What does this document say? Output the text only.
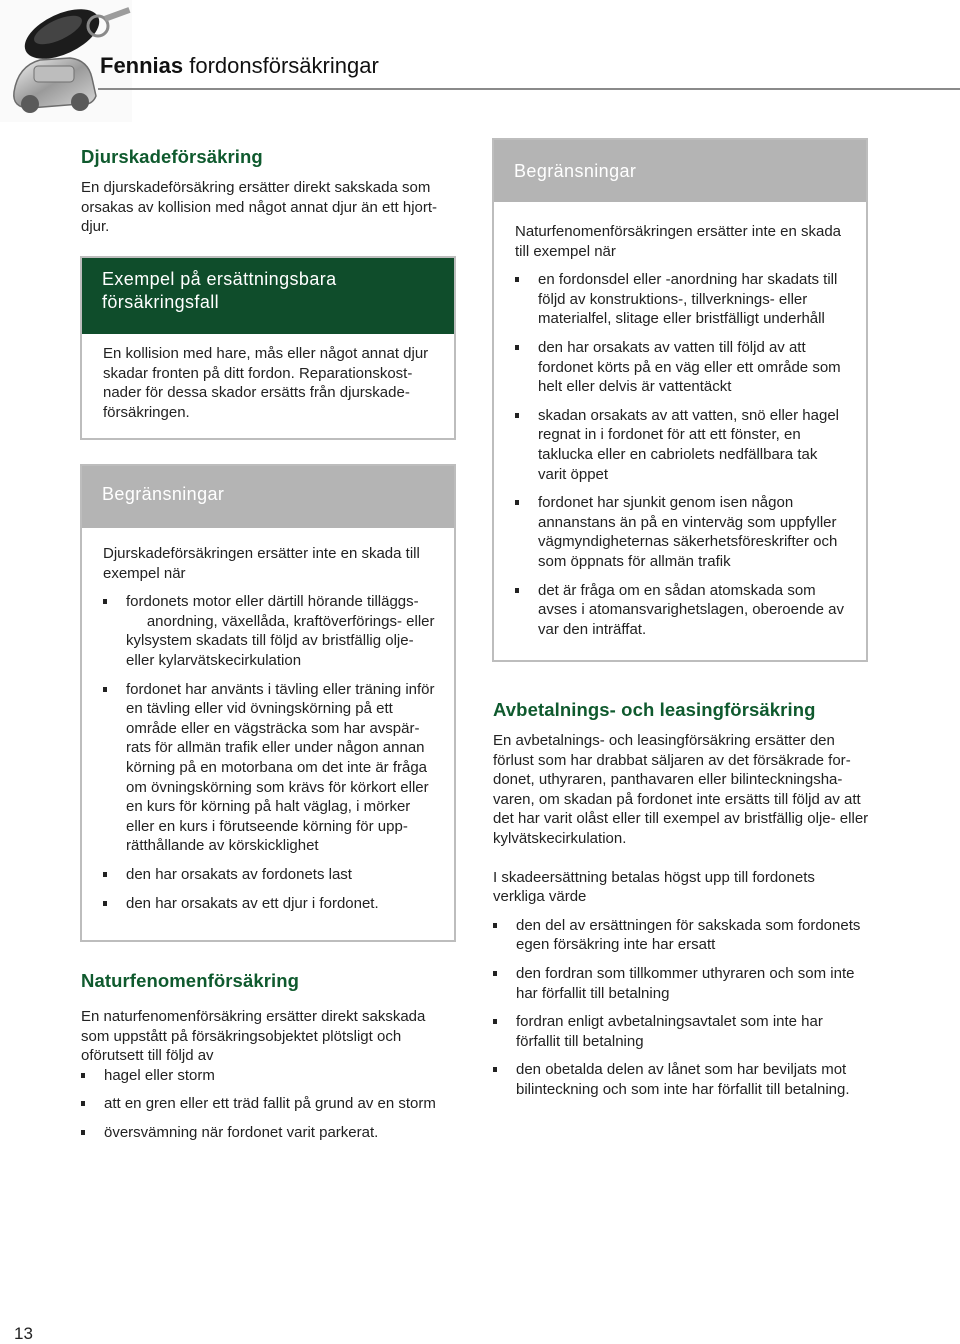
Fennias fordonsförsäkringar
Djurskadeförsäkring
En djurskadeförsäkring ersätter direkt sakskada som orsakas av kollision med något annat djur än ett hjortdjur.
Exempel på ersättningsbara försäkringsfall
En kollision med hare, mås eller något annat djur skadar fronten på ditt fordon. Reparationskostnader för dessa skador ersätts från djurskadeförsäkringen.
Begränsningar

Djurskadeförsäkringen ersätter inte en skada till exempel när

fordonets motor eller därtill hörande tilläggs-     anordning, växellåda, kraftöverförings- eller kylsystem skadats till följd av bristfällig oljeeller kylarvätskecirkulation
fordonet har använts i tävling eller träning inför en tävling eller vid övningskörning på ett område eller en vägsträcka som har avspärrats för allmän trafik eller under någon annan körning på en motorbana om det inte är fråga om övningskörning som krävs för körkort eller en kurs för körning på halt väglag, i mörker eller en kurs i förutseende körning för upprätthållande av körskicklighet
den har orsakats av fordonets last
den har orsakats av ett djur i fordonet.
Naturfenomenförsäkring

En naturfenomenförsäkring ersätter direkt sakskada som uppstått på försäkringsobjektet plötsligt och oförutsett till följd av

hagel eller storm
att en gren eller ett träd fallit på grund av en storm
översvämning när fordonet varit parkerat.
Begränsningar

Naturfenomenförsäkringen ersätter inte en skada till exempel när

en fordonsdel eller -anordning har skadats till följd av konstruktions-, tillverknings- eller materialfel, slitage eller bristfälligt underhåll
den har orsakats av vatten till följd av att fordonet körts på en väg eller ett område som helt eller delvis är vattentäckt
skadan orsakats av att vatten, snö eller hagel regnat in i fordonet för att ett fönster, en taklucka eller en cabriolets nedfällbara tak varit öppet
fordonet har sjunkit genom isen någon annanstans än på en vinterväg som uppfyller vägmyndigheternas säkerhetsföreskrifter och som öppnats för allmän trafik
det är fråga om en sådan atomskada som avses i atomansvarighetslagen, oberoende av var den inträffat.
Avbetalnings- och leasingförsäkring

En avbetalnings- och leasingförsäkring ersätter den förlust som har drabbat säljaren av det försäkrade fordonet, uthyraren, panthavaren eller bilinteckningshavaren, om skadan på fordonet inte ersätts till följd av att det har varit olåst eller till exempel av bristfällig olje- eller kylvätskecirkulation.

I skadeersättning betalas högst upp till fordonets verkliga värde

den del av ersättningen för sakskada som fordonets egen försäkring inte har ersatt
den fordran som tillkommer uthyraren och som inte har förfallit till betalning
fordran enligt avbetalningsavtalet som inte har förfallit till betalning
den obetalda delen av lånet som har beviljats mot bilinteckning och som inte har förfallit till betalning.
13
